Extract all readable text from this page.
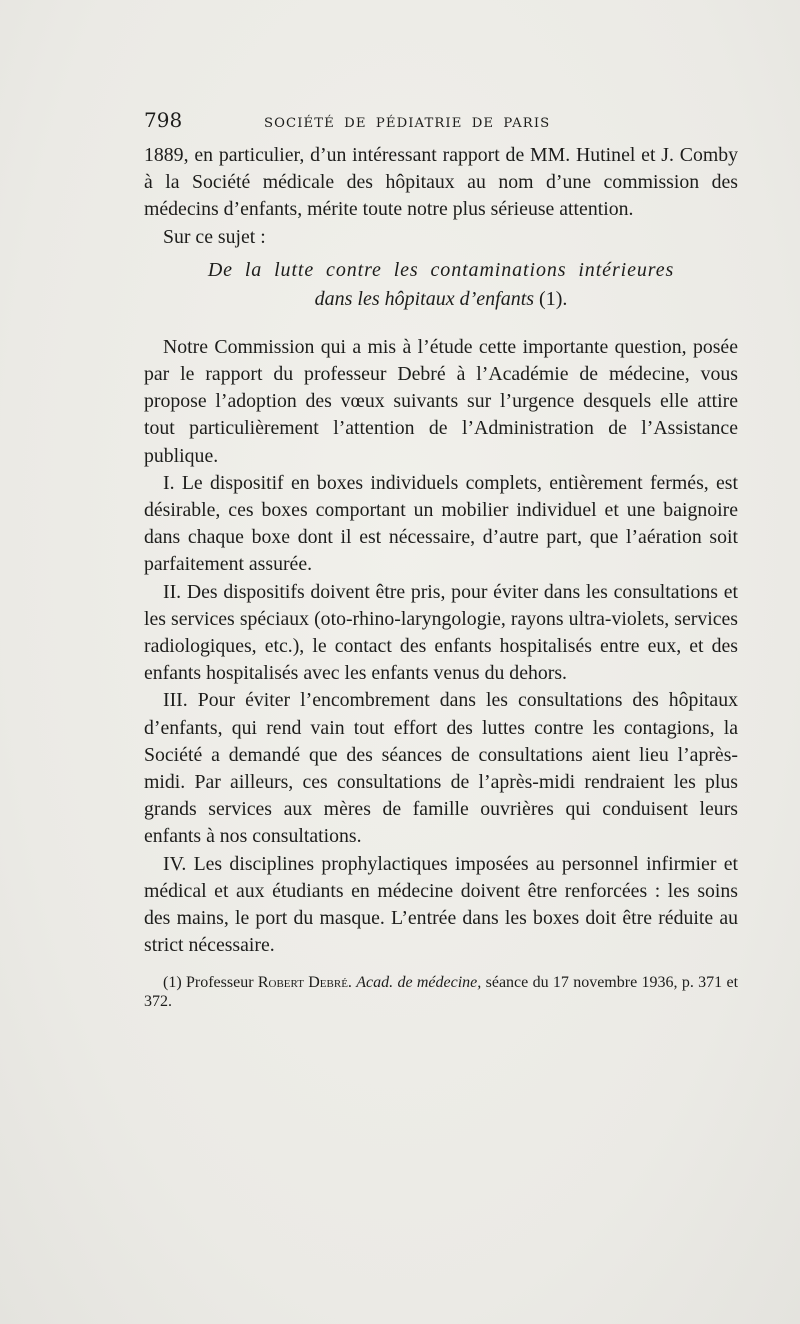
798	SOCIÉTÉ DE PÉDIATRIE DE PARIS

1889, en particulier, d’un intéressant rapport de MM. Hutinel et J. Comby à la Société médicale des hôpitaux au nom d’une commission des médecins d’enfants, mérite toute notre plus sérieuse attention.

Sur ce sujet :

De la lutte contre les contaminations intérieures
dans les hôpitaux d’enfants (1).

Notre Commission qui a mis à l’étude cette importante question, posée par le rapport du professeur Debré à l’Académie de médecine, vous propose l’adoption des vœux suivants sur l’urgence desquels elle attire tout particulièrement l’attention de l’Administration de l’Assistance publique.

I. Le dispositif en boxes individuels complets, entièrement fermés, est désirable, ces boxes comportant un mobilier individuel et une baignoire dans chaque boxe dont il est nécessaire, d’autre part, que l’aération soit parfaitement assurée.

II. Des dispositifs doivent être pris, pour éviter dans les consultations et les services spéciaux (oto-rhino-laryngologie, rayons ultra-violets, services radiologiques, etc.), le contact des enfants hospitalisés entre eux, et des enfants hospitalisés avec les enfants venus du dehors.

III. Pour éviter l’encombrement dans les consultations des hôpitaux d’enfants, qui rend vain tout effort des luttes contre les contagions, la Société a demandé que des séances de consultations aient lieu l’après-midi. Par ailleurs, ces consultations de l’après-midi rendraient les plus grands services aux mères de famille ouvrières qui conduisent leurs enfants à nos consultations.

IV. Les disciplines prophylactiques imposées au personnel infirmier et médical et aux étudiants en médecine doivent être renforcées : les soins des mains, le port du masque. L’entrée dans les boxes doit être réduite au strict nécessaire.

(1) Professeur Robert Debré. Acad. de médecine, séance du 17 novembre 1936, p. 371 et 372.
